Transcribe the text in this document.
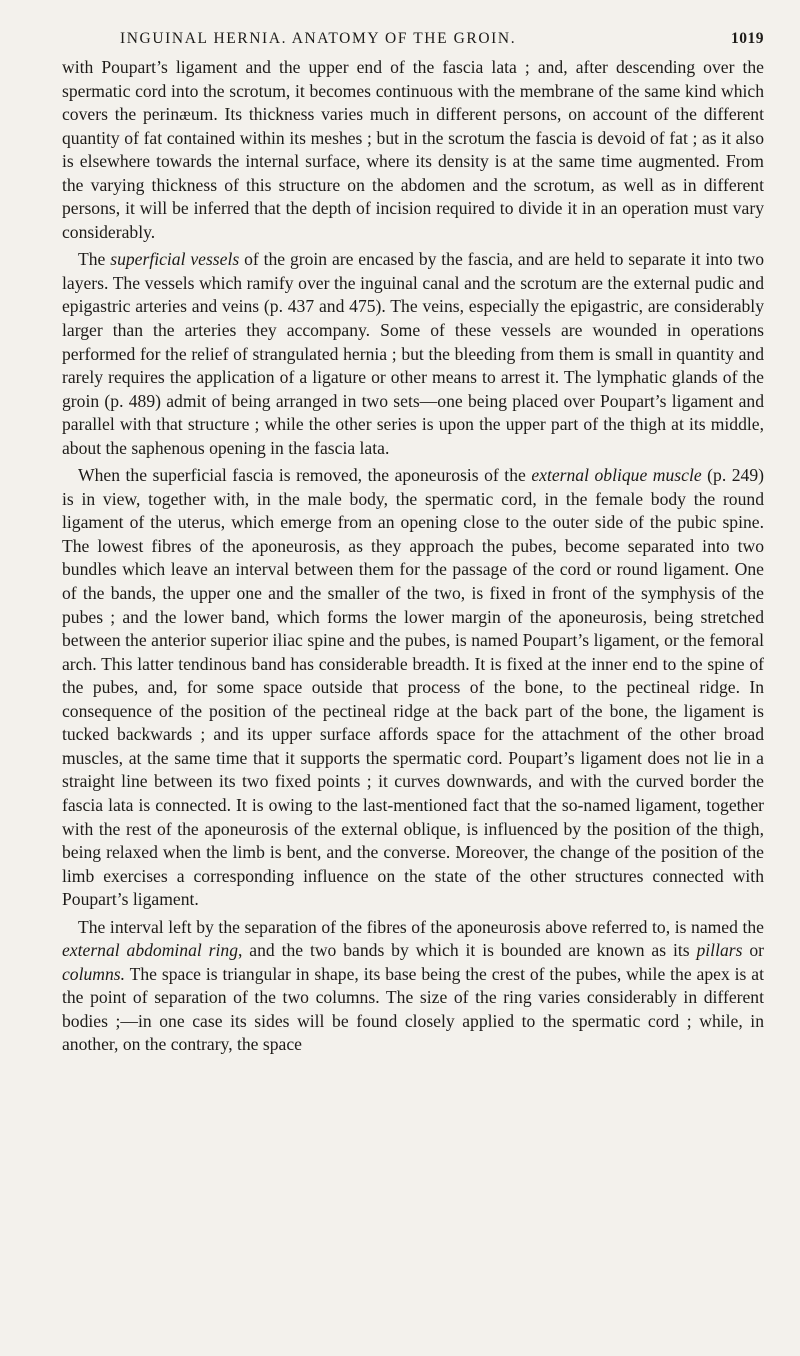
INGUINAL HERNIA. ANATOMY OF THE GROIN.	1019

with Poupart’s ligament and the upper end of the fascia lata ; and, after descending over the spermatic cord into the scrotum, it becomes continuous with the membrane of the same kind which covers the perinæum. Its thickness varies much in different persons, on account of the different quantity of fat contained within its meshes ; but in the scrotum the fascia is devoid of fat ; as it also is elsewhere towards the internal surface, where its density is at the same time augmented. From the varying thickness of this structure on the abdomen and the scrotum, as well as in different persons, it will be inferred that the depth of incision required to divide it in an operation must vary considerably.

The superficial vessels of the groin are encased by the fascia, and are held to separate it into two layers. The vessels which ramify over the inguinal canal and the scrotum are the external pudic and epigastric arteries and veins (p. 437 and 475). The veins, especially the epigastric, are considerably larger than the arteries they accompany. Some of these vessels are wounded in operations performed for the relief of strangulated hernia ; but the bleeding from them is small in quantity and rarely requires the application of a ligature or other means to arrest it. The lymphatic glands of the groin (p. 489) admit of being arranged in two sets—one being placed over Poupart’s ligament and parallel with that structure ; while the other series is upon the upper part of the thigh at its middle, about the saphenous opening in the fascia lata.

When the superficial fascia is removed, the aponeurosis of the external oblique muscle (p. 249) is in view, together with, in the male body, the spermatic cord, in the female body the round ligament of the uterus, which emerge from an opening close to the outer side of the pubic spine. The lowest fibres of the aponeurosis, as they approach the pubes, become separated into two bundles which leave an interval between them for the passage of the cord or round ligament. One of the bands, the upper one and the smaller of the two, is fixed in front of the symphysis of the pubes ; and the lower band, which forms the lower margin of the aponeurosis, being stretched between the anterior superior iliac spine and the pubes, is named Poupart’s ligament, or the femoral arch. This latter tendinous band has considerable breadth. It is fixed at the inner end to the spine of the pubes, and, for some space outside that process of the bone, to the pectineal ridge. In consequence of the position of the pectineal ridge at the back part of the bone, the ligament is tucked backwards ; and its upper surface affords space for the attachment of the other broad muscles, at the same time that it supports the spermatic cord. Poupart’s ligament does not lie in a straight line between its two fixed points ; it curves downwards, and with the curved border the fascia lata is connected. It is owing to the last-mentioned fact that the so-named ligament, together with the rest of the aponeurosis of the external oblique, is influenced by the position of the thigh, being relaxed when the limb is bent, and the converse. Moreover, the change of the position of the limb exercises a corresponding influence on the state of the other structures connected with Poupart’s ligament.

The interval left by the separation of the fibres of the aponeurosis above referred to, is named the external abdominal ring, and the two bands by which it is bounded are known as its pillars or columns. The space is triangular in shape, its base being the crest of the pubes, while the apex is at the point of separation of the two columns. The size of the ring varies considerably in different bodies ;—in one case its sides will be found closely applied to the spermatic cord ; while, in another, on the contrary, the space
